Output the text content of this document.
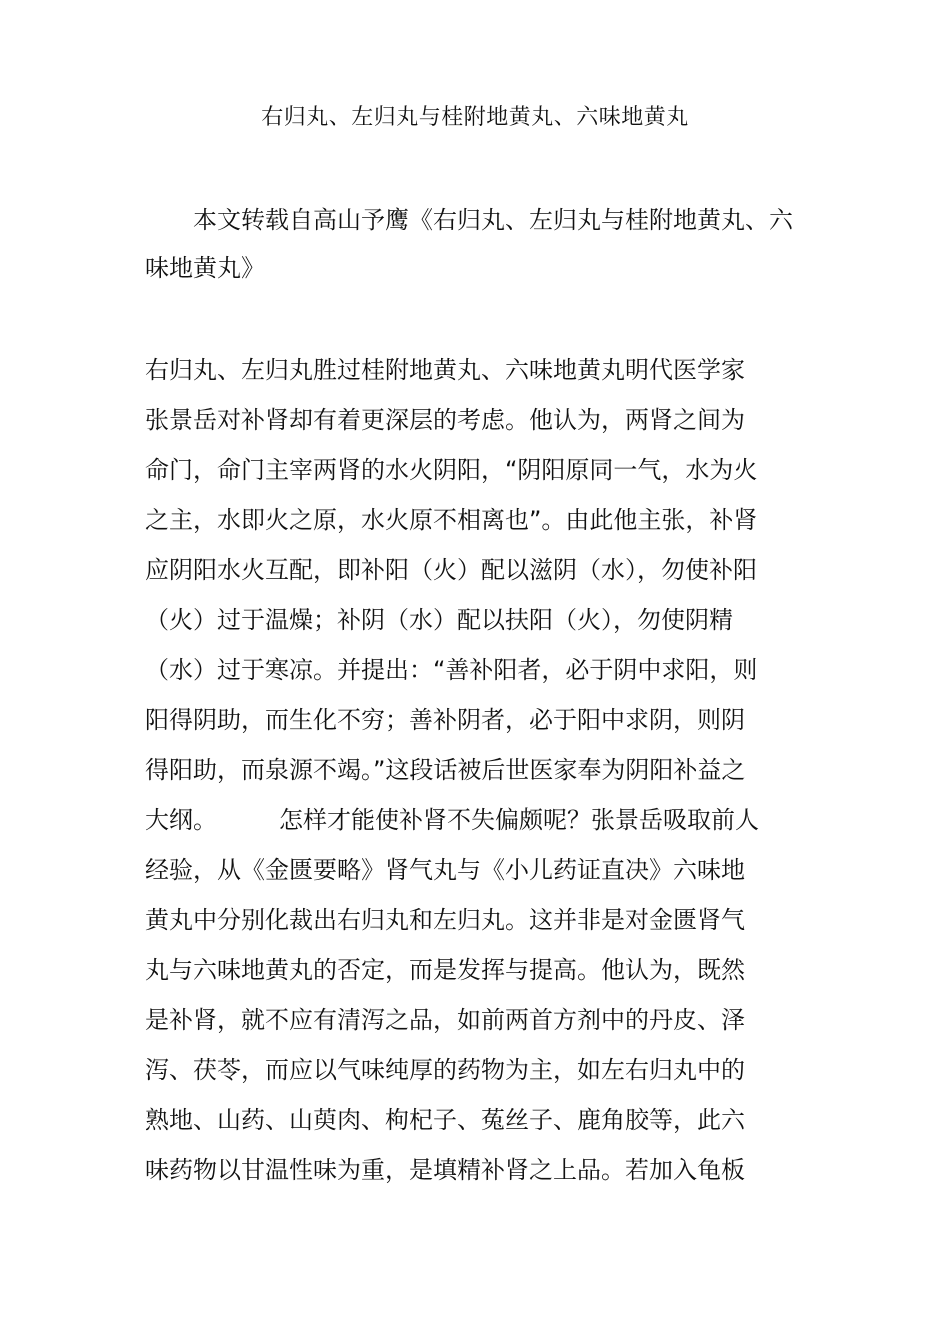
右归丸、左归丸与桂附地黄丸、六味地黄丸

本文转载自高山予鹰《右归丸、左归丸与桂附地黄丸、六味地黄丸》

右归丸、左归丸胜过桂附地黄丸、六味地黄丸明代医学家
张景岳对补肾却有着更深层的考虑。他认为，两肾之间为
命门，命门主宰两肾的水火阴阳，“阴阳原同一气，水为火
之主，水即火之原，水火原不相离也”。由此他主张，补肾
应阴阳水火互配，即补阳（火）配以滋阴（水），勿使补阳
（火）过于温燥；补阴（水）配以扶阳（火），勿使阴精
（水）过于寒凉。并提出：“善补阳者，必于阴中求阳，则
阳得阴助，而生化不穷；善补阴者，必于阳中求阴，则阴
得阳助，而泉源不竭。”这段话被后世医家奉为阴阳补益之
大纲。	怎样才能使补肾不失偏颇呢？张景岳吸取前人
经验，从《金匮要略》肾气丸与《小儿药证直决》六味地
黄丸中分别化裁出右归丸和左归丸。这并非是对金匮肾气
丸与六味地黄丸的否定，而是发挥与提高。他认为，既然
是补肾，就不应有清泻之品，如前两首方剂中的丹皮、泽
泻、茯苓，而应以气味纯厚的药物为主，如左右归丸中的
熟地、山药、山萸肉、枸杞子、菟丝子、鹿角胶等，此六
味药物以甘温性味为重，是填精补肾之上品。若加入龟板
